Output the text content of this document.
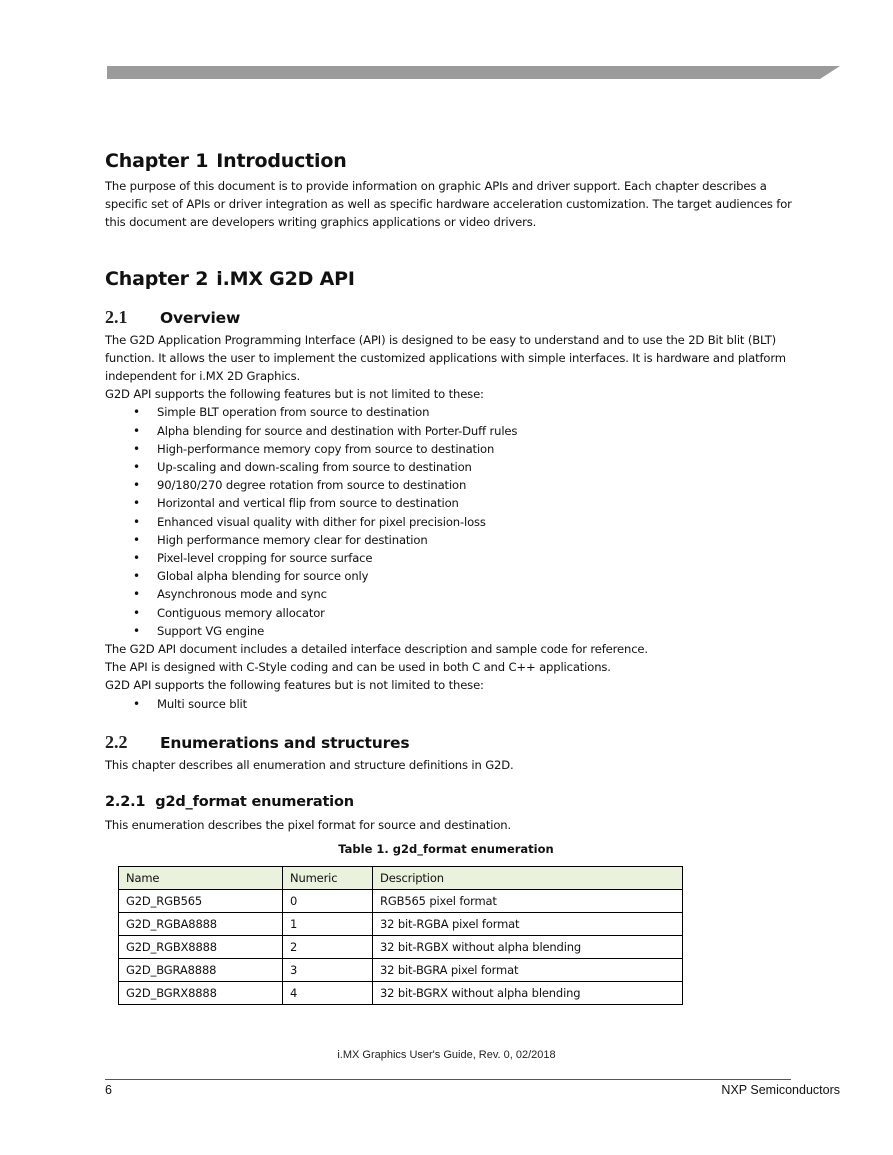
Chapter 1 Introduction

The purpose of this document is to provide information on graphic APIs and driver support. Each chapter describes a specific set of APIs or driver integration as well as specific hardware acceleration customization. The target audiences for this document are developers writing graphics applications or video drivers.

Chapter 2 i.MX G2D API
2.1	Overview

The G2D Application Programming Interface (API) is designed to be easy to understand and to use the 2D Bit blit (BLT) function. It allows the user to implement the customized applications with simple interfaces. It is hardware and platform independent for i.MX 2D Graphics.

G2D API supports the following features but is not limited to these:

• Simple BLT operation from source to destination
• Alpha blending for source and destination with Porter-Duff rules
• High-performance memory copy from source to destination
• Up-scaling and down-scaling from source to destination
• 90/180/270 degree rotation from source to destination
• Horizontal and vertical flip from source to destination
• Enhanced visual quality with dither for pixel precision-loss
• High performance memory clear for destination
• Pixel-level cropping for source surface
• Global alpha blending for source only
• Asynchronous mode and sync
• Contiguous memory allocator
• Support VG engine

The G2D API document includes a detailed interface description and sample code for reference.

The API is designed with C-Style coding and can be used in both C and C++ applications.

G2D API supports the following features but is not limited to these:

• Multi source blit
2.2	Enumerations and structures

This chapter describes all enumeration and structure definitions in G2D.

2.2.1 g2d_format enumeration

This enumeration describes the pixel format for source and destination.

Table 1. g2d_format enumeration
Name	Numeric	Description
G2D_RGB565	0	RGB565 pixel format
G2D_RGBA8888	1	32 bit-RGBA pixel format
G2D_RGBX8888	2	32 bit-RGBX without alpha blending
G2D_BGRA8888	3	32 bit-BGRA pixel format
G2D_BGRX8888	4	32 bit-BGRX without alpha blending
i.MX Graphics User's Guide, Rev. 0, 02/2018
6	NXP Semiconductors
